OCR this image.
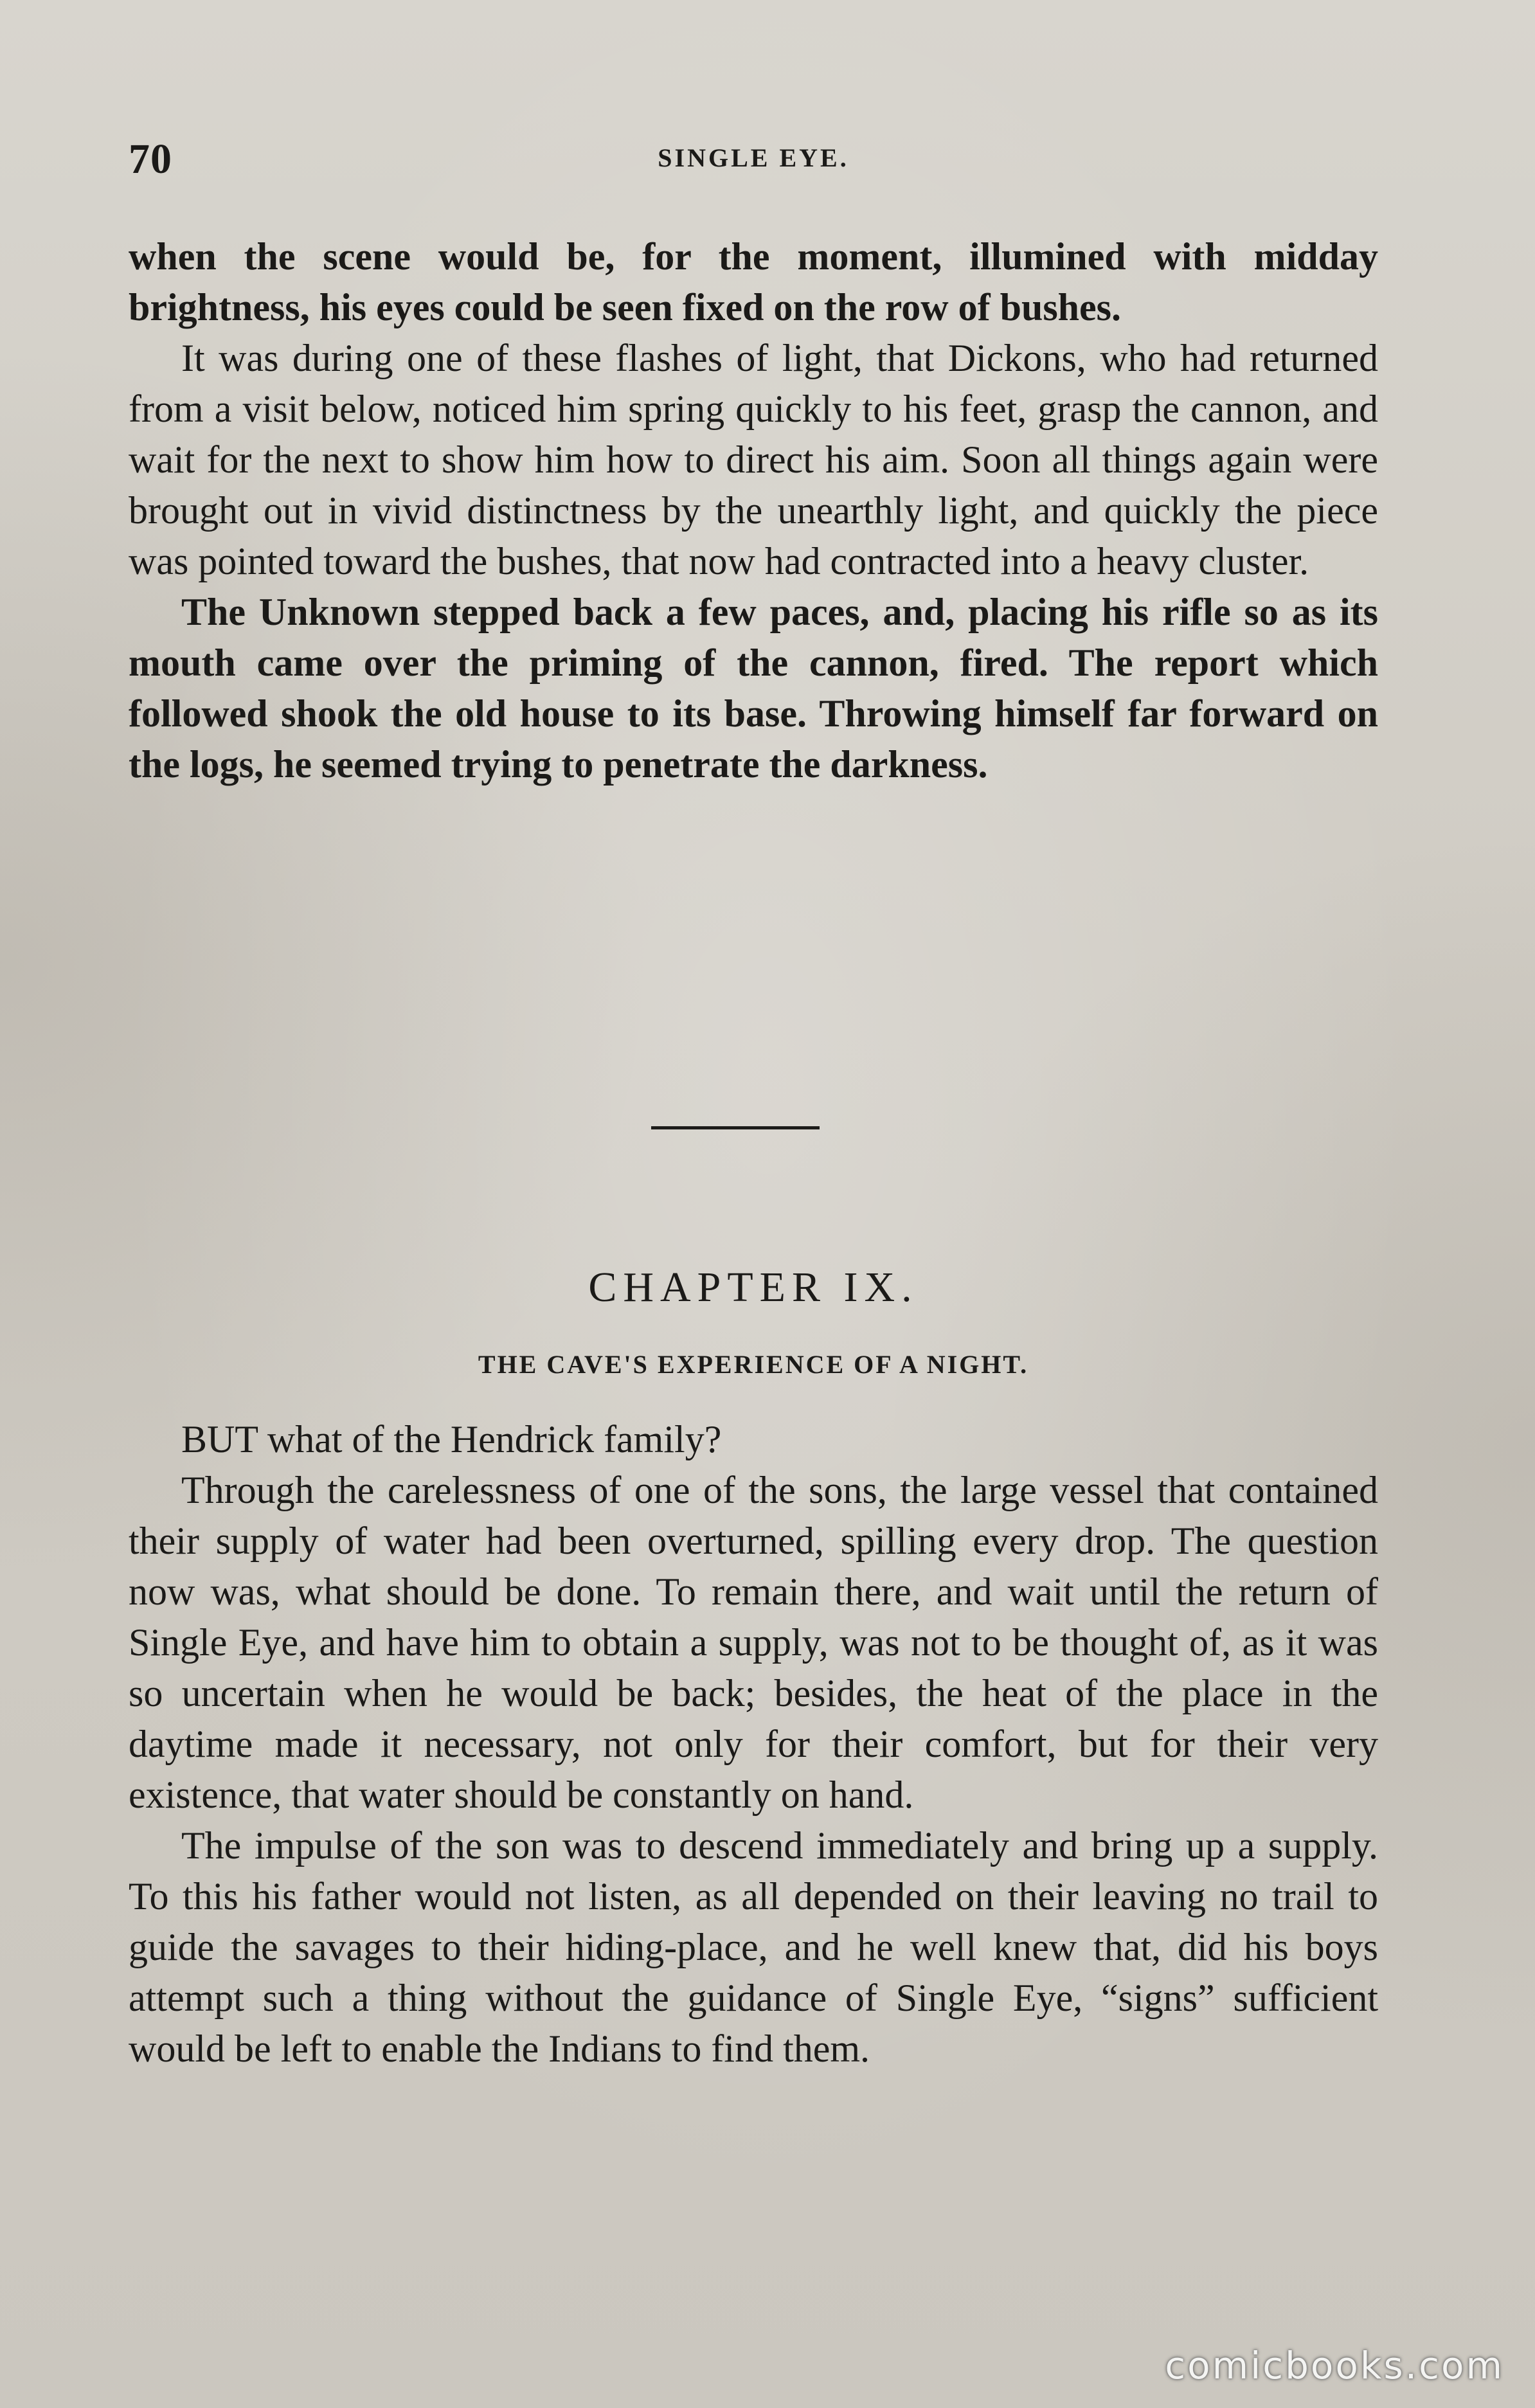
70	SINGLE EYE.

when the scene would be, for the moment, illumined with midday brightness, his eyes could be seen fixed on the row of bushes.

It was during one of these flashes of light, that Dickons, who had returned from a visit below, noticed him spring quickly to his feet, grasp the cannon, and wait for the next to show him how to direct his aim. Soon all things again were brought out in vivid distinctness by the unearthly light, and quickly the piece was pointed toward the bushes, that now had contracted into a heavy cluster.

The Unknown stepped back a few paces, and, placing his rifle so as its mouth came over the priming of the cannon, fired. The report which followed shook the old house to its base. Throwing himself far forward on the logs, he seemed trying to penetrate the darkness.

CHAPTER IX.
THE CAVE'S EXPERIENCE OF A NIGHT.

BUT what of the Hendrick family?

Through the carelessness of one of the sons, the large vessel that contained their supply of water had been overturned, spilling every drop. The question now was, what should be done. To remain there, and wait until the return of Single Eye, and have him to obtain a supply, was not to be thought of, as it was so uncertain when he would be back; besides, the heat of the place in the daytime made it necessary, not only for their comfort, but for their very existence, that water should be constantly on hand.

The impulse of the son was to descend immediately and bring up a supply. To this his father would not listen, as all depended on their leaving no trail to guide the savages to their hiding-place, and he well knew that, did his boys attempt such a thing without the guidance of Single Eye, “signs” sufficient would be left to enable the Indians to find them.

comicbooks.com
